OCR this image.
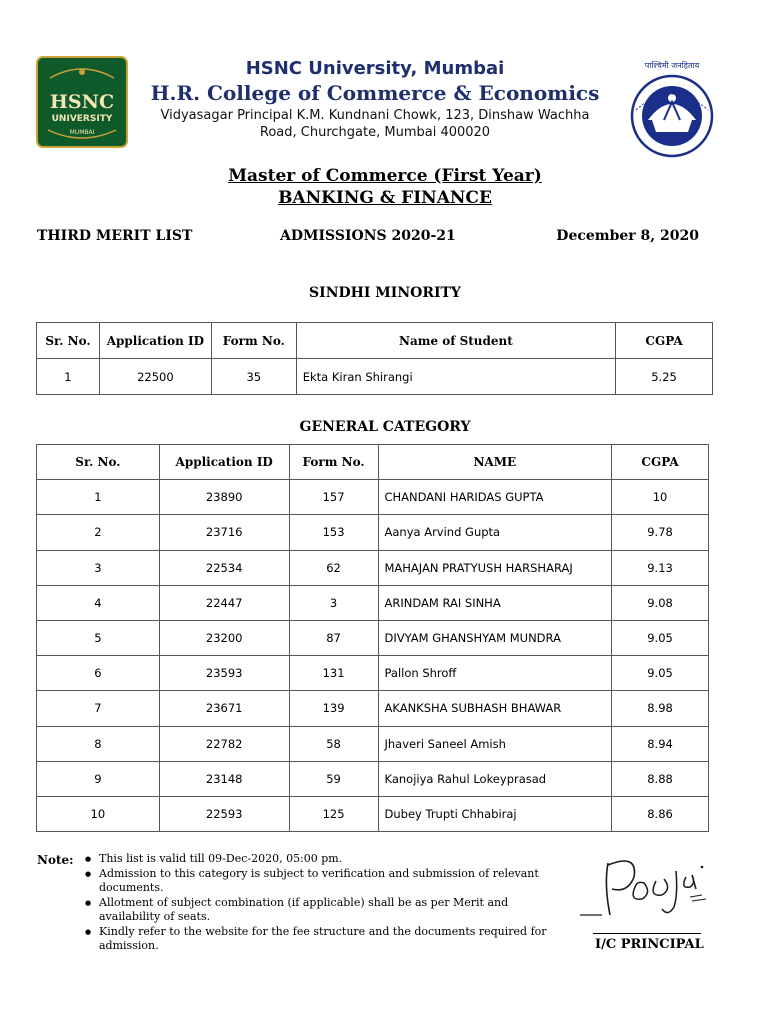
HSNC
UNIVERSITY
MUMBAI
पाश्चिमी जनहिताय
HSNC University, Mumbai
H.R. College of Commerce & Economics
Vidyasagar Principal K.M. Kundnani Chowk, 123, Dinshaw Wachha
Road, Churchgate, Mumbai 400020
Master of Commerce (First Year)
BANKING & FINANCE
THIRD MERIT LIST	ADMISSIONS 2020-21	December 8, 2020
SINDHI MINORITY
Sr. No.	Application ID	Form No.	Name of Student	CGPA
1	22500	35	Ekta Kiran Shirangi	5.25
GENERAL CATEGORY
Sr. No.	Application ID	Form No.	NAME	CGPA
1	23890	157	CHANDANI HARIDAS GUPTA	10
2	23716	153	Aanya Arvind Gupta	9.78
3	22534	62	MAHAJAN PRATYUSH HARSHARAJ	9.13
4	22447	3	ARINDAM RAI SINHA	9.08
5	23200	87	DIVYAM GHANSHYAM MUNDRA	9.05
6	23593	131	Pallon Shroff	9.05
7	23671	139	AKANKSHA SUBHASH BHAWAR	8.98
8	22782	58	Jhaveri Saneel Amish	8.94
9	23148	59	Kanojiya Rahul Lokeyprasad	8.88
10	22593	125	Dubey Trupti Chhabiraj	8.86
Note: ● This list is valid till 09-Dec-2020, 05:00 pm.
● Admission to this category is subject to verification and submission of relevant documents.
● Allotment of subject combination (if applicable) shall be as per Merit and availability of seats.
● Kindly refer to the website for the fee structure and the documents required for admission.	I/C PRINCIPAL
